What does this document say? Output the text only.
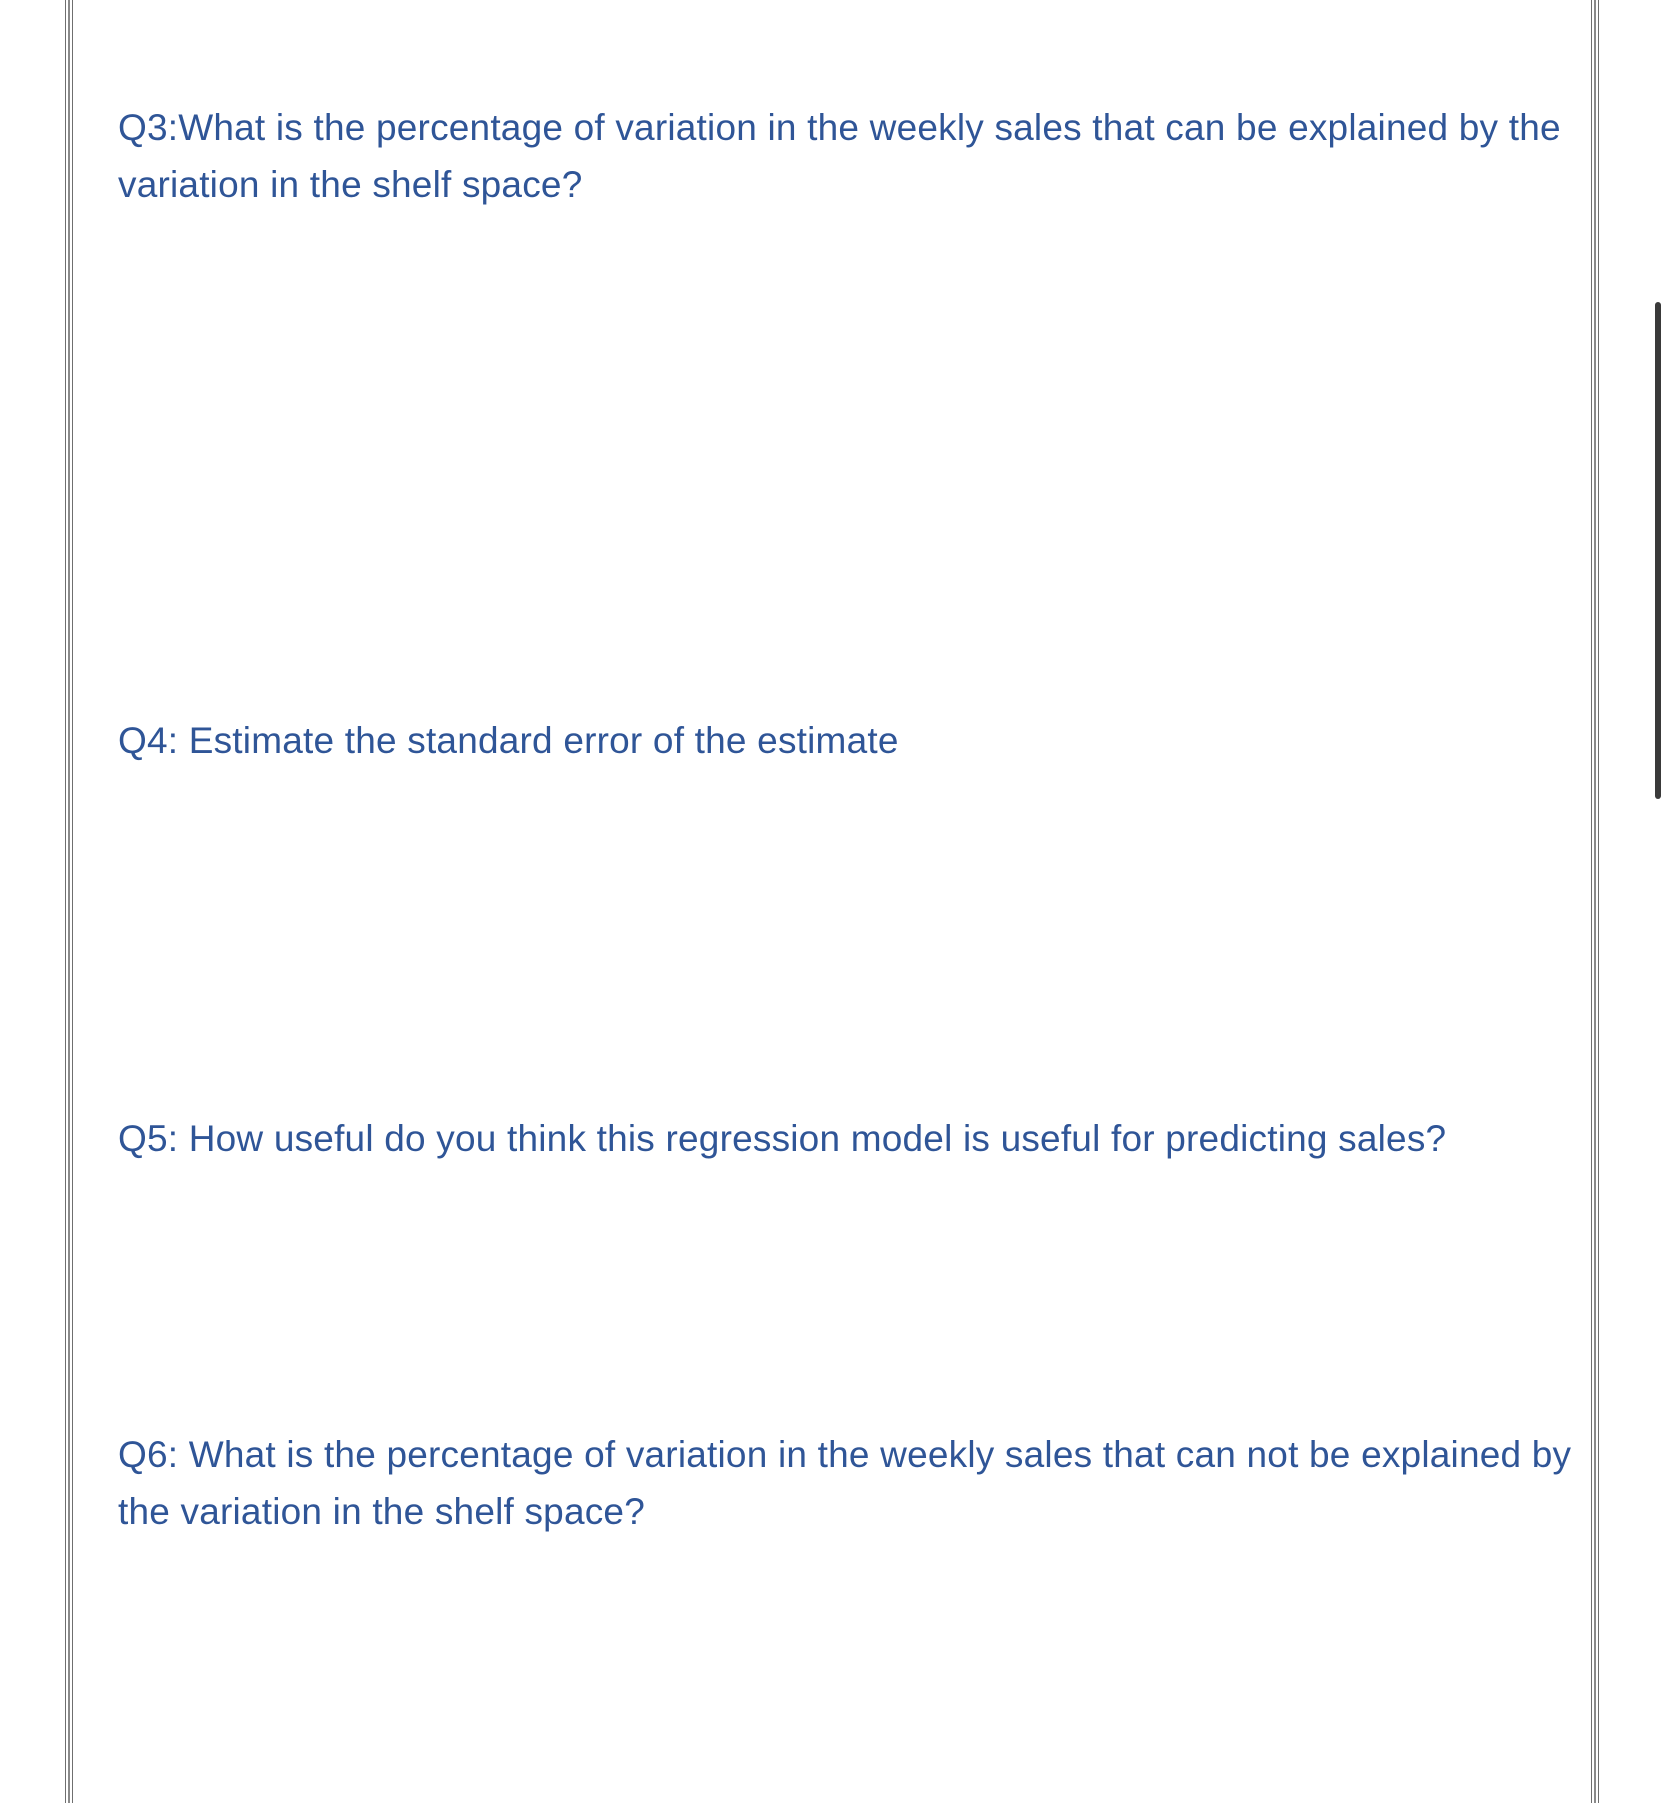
Q3:What is the percentage of variation in the weekly sales that can be explained by the variation in the shelf space?

Q4: Estimate the standard error of the estimate

Q5: How useful do you think this regression model is useful for predicting sales?

Q6: What is the percentage of variation in the weekly sales that can not be explained by the variation in the shelf space?
